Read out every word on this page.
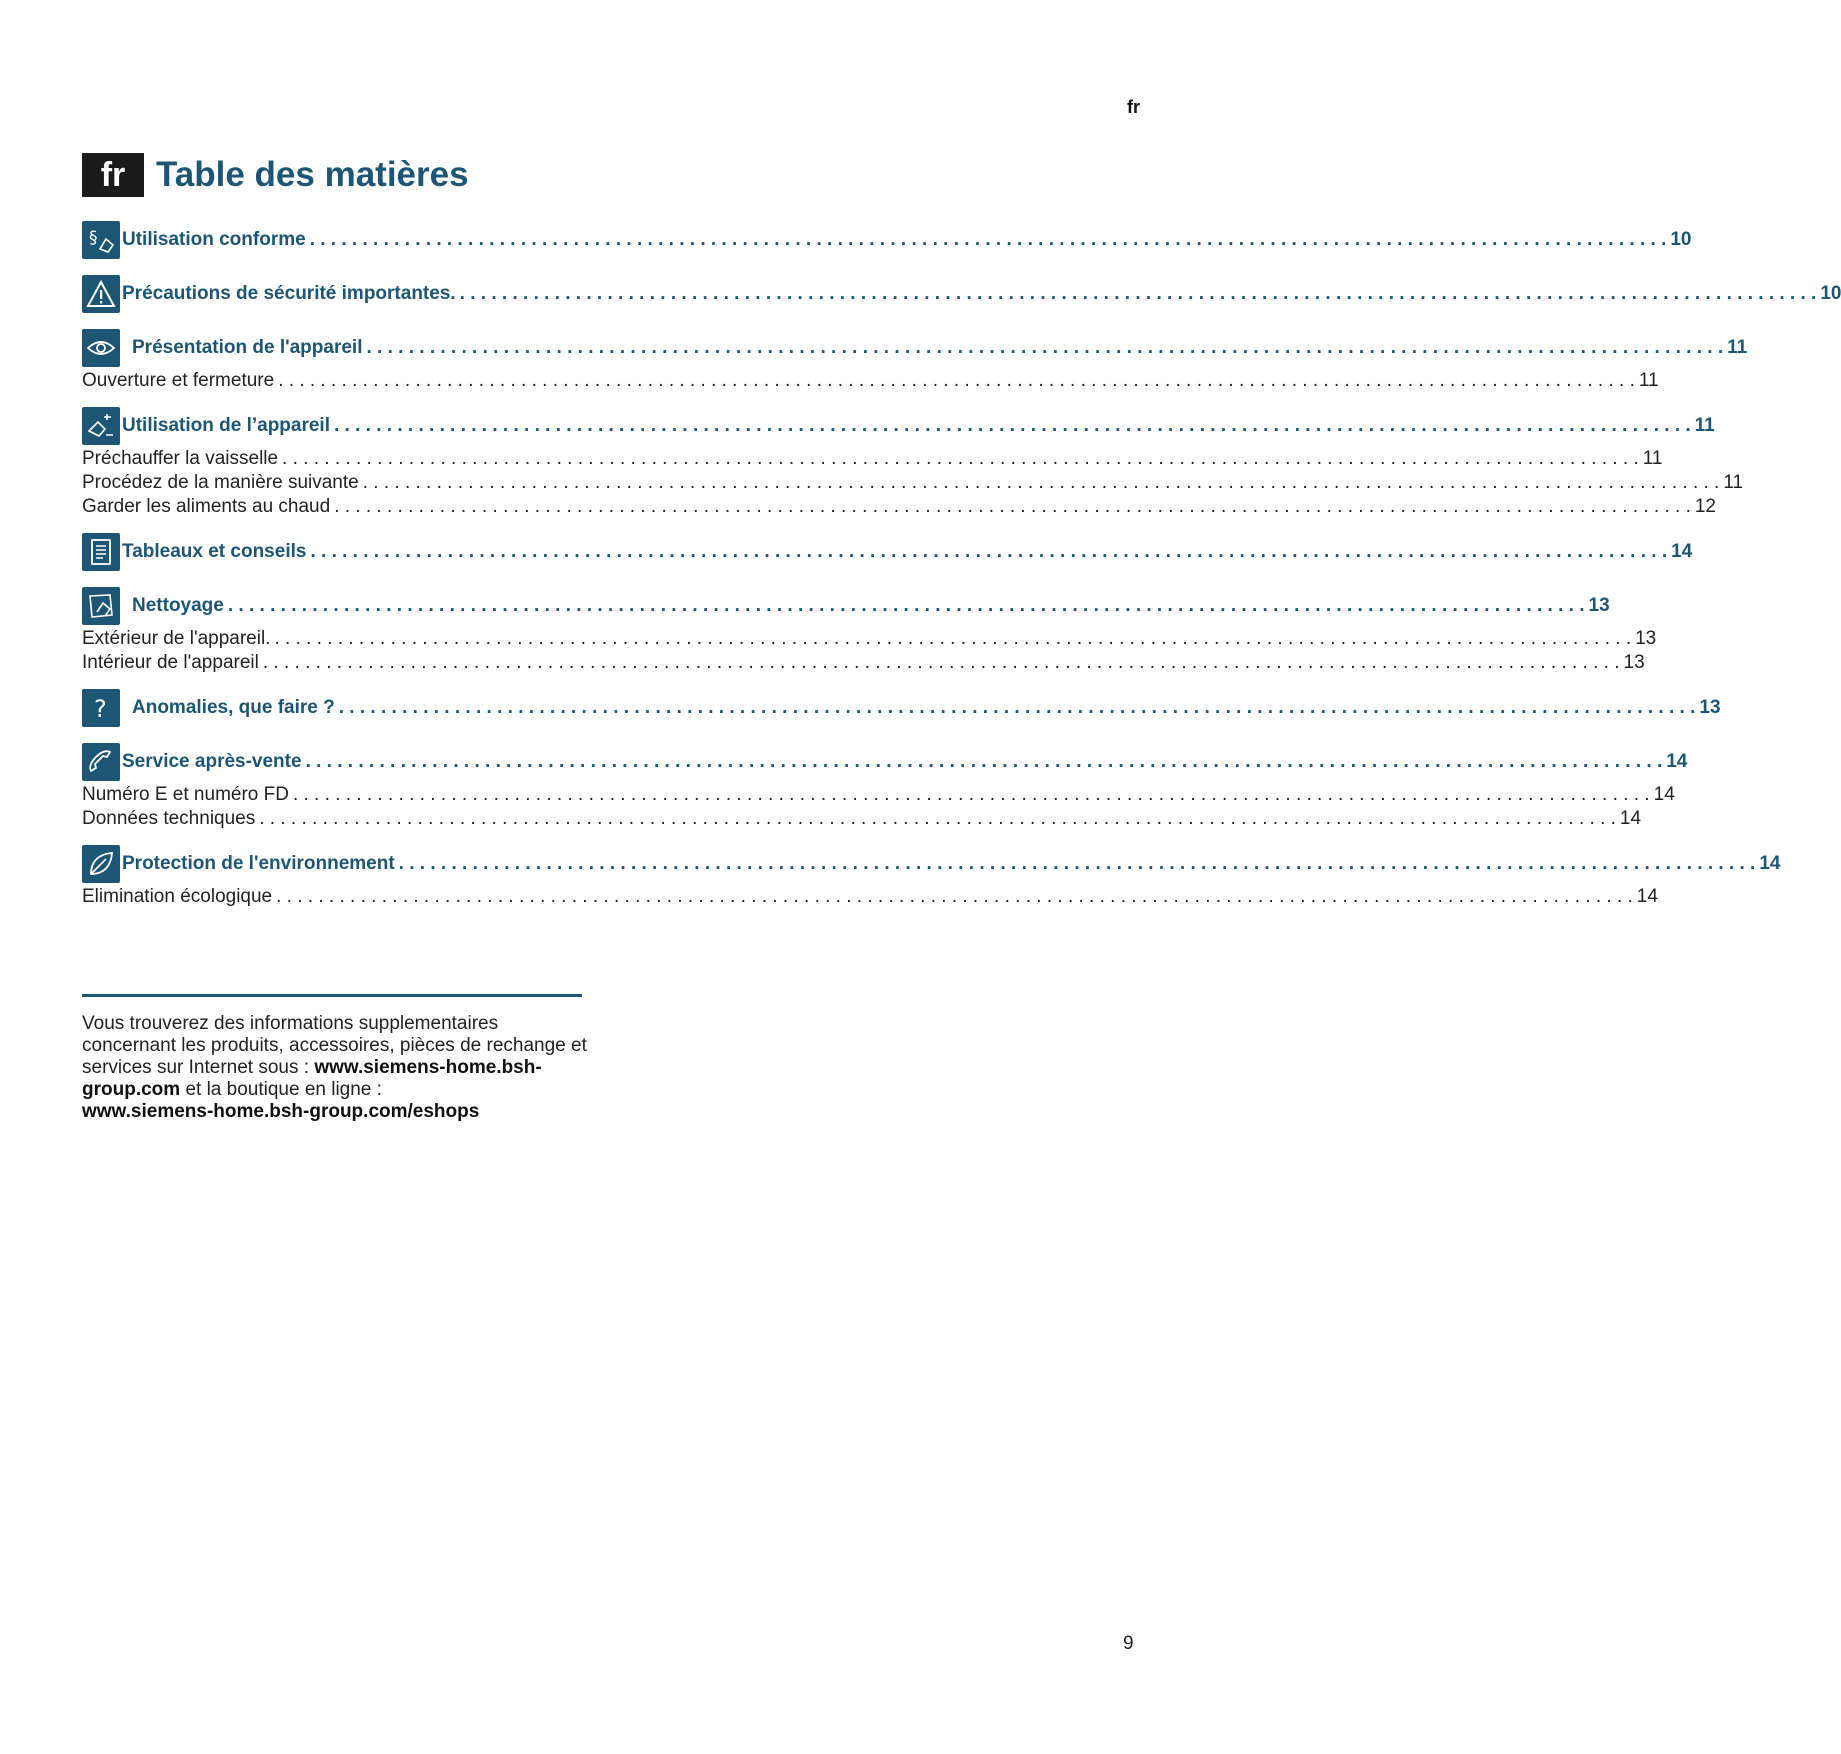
fr
fr Table des matières
§ Utilisation conforme . . .	10
Précautions de sécurité importantes. . . .	10
Présentation de l'appareil . . .	11
Ouverture et fermeture . . .	11
Utilisation de l’appareil . . .	11
Préchauffer la vaisselle . . .	11
Procédez de la manière suivante . . .	11
Garder les aliments au chaud . . .	12
Tableaux et conseils . . .	14
Nettoyage . . .	13
Extérieur de l'appareil. . . .	13
Intérieur de l'appareil . . .	13
? Anomalies, que faire ? . . .	13
Service après-vente . . .	14
Numéro E et numéro FD . . .	14
Données techniques . . .	14
Protection de l'environnement . . .	14
Elimination écologique . . .	14
Vous trouverez des informations supplementaires concernant les produits, accessoires, pièces de rechange et services sur Internet sous : www.siemens-home.bsh-group.com et la boutique en ligne :
www.siemens-home.bsh-group.com/eshops
9
